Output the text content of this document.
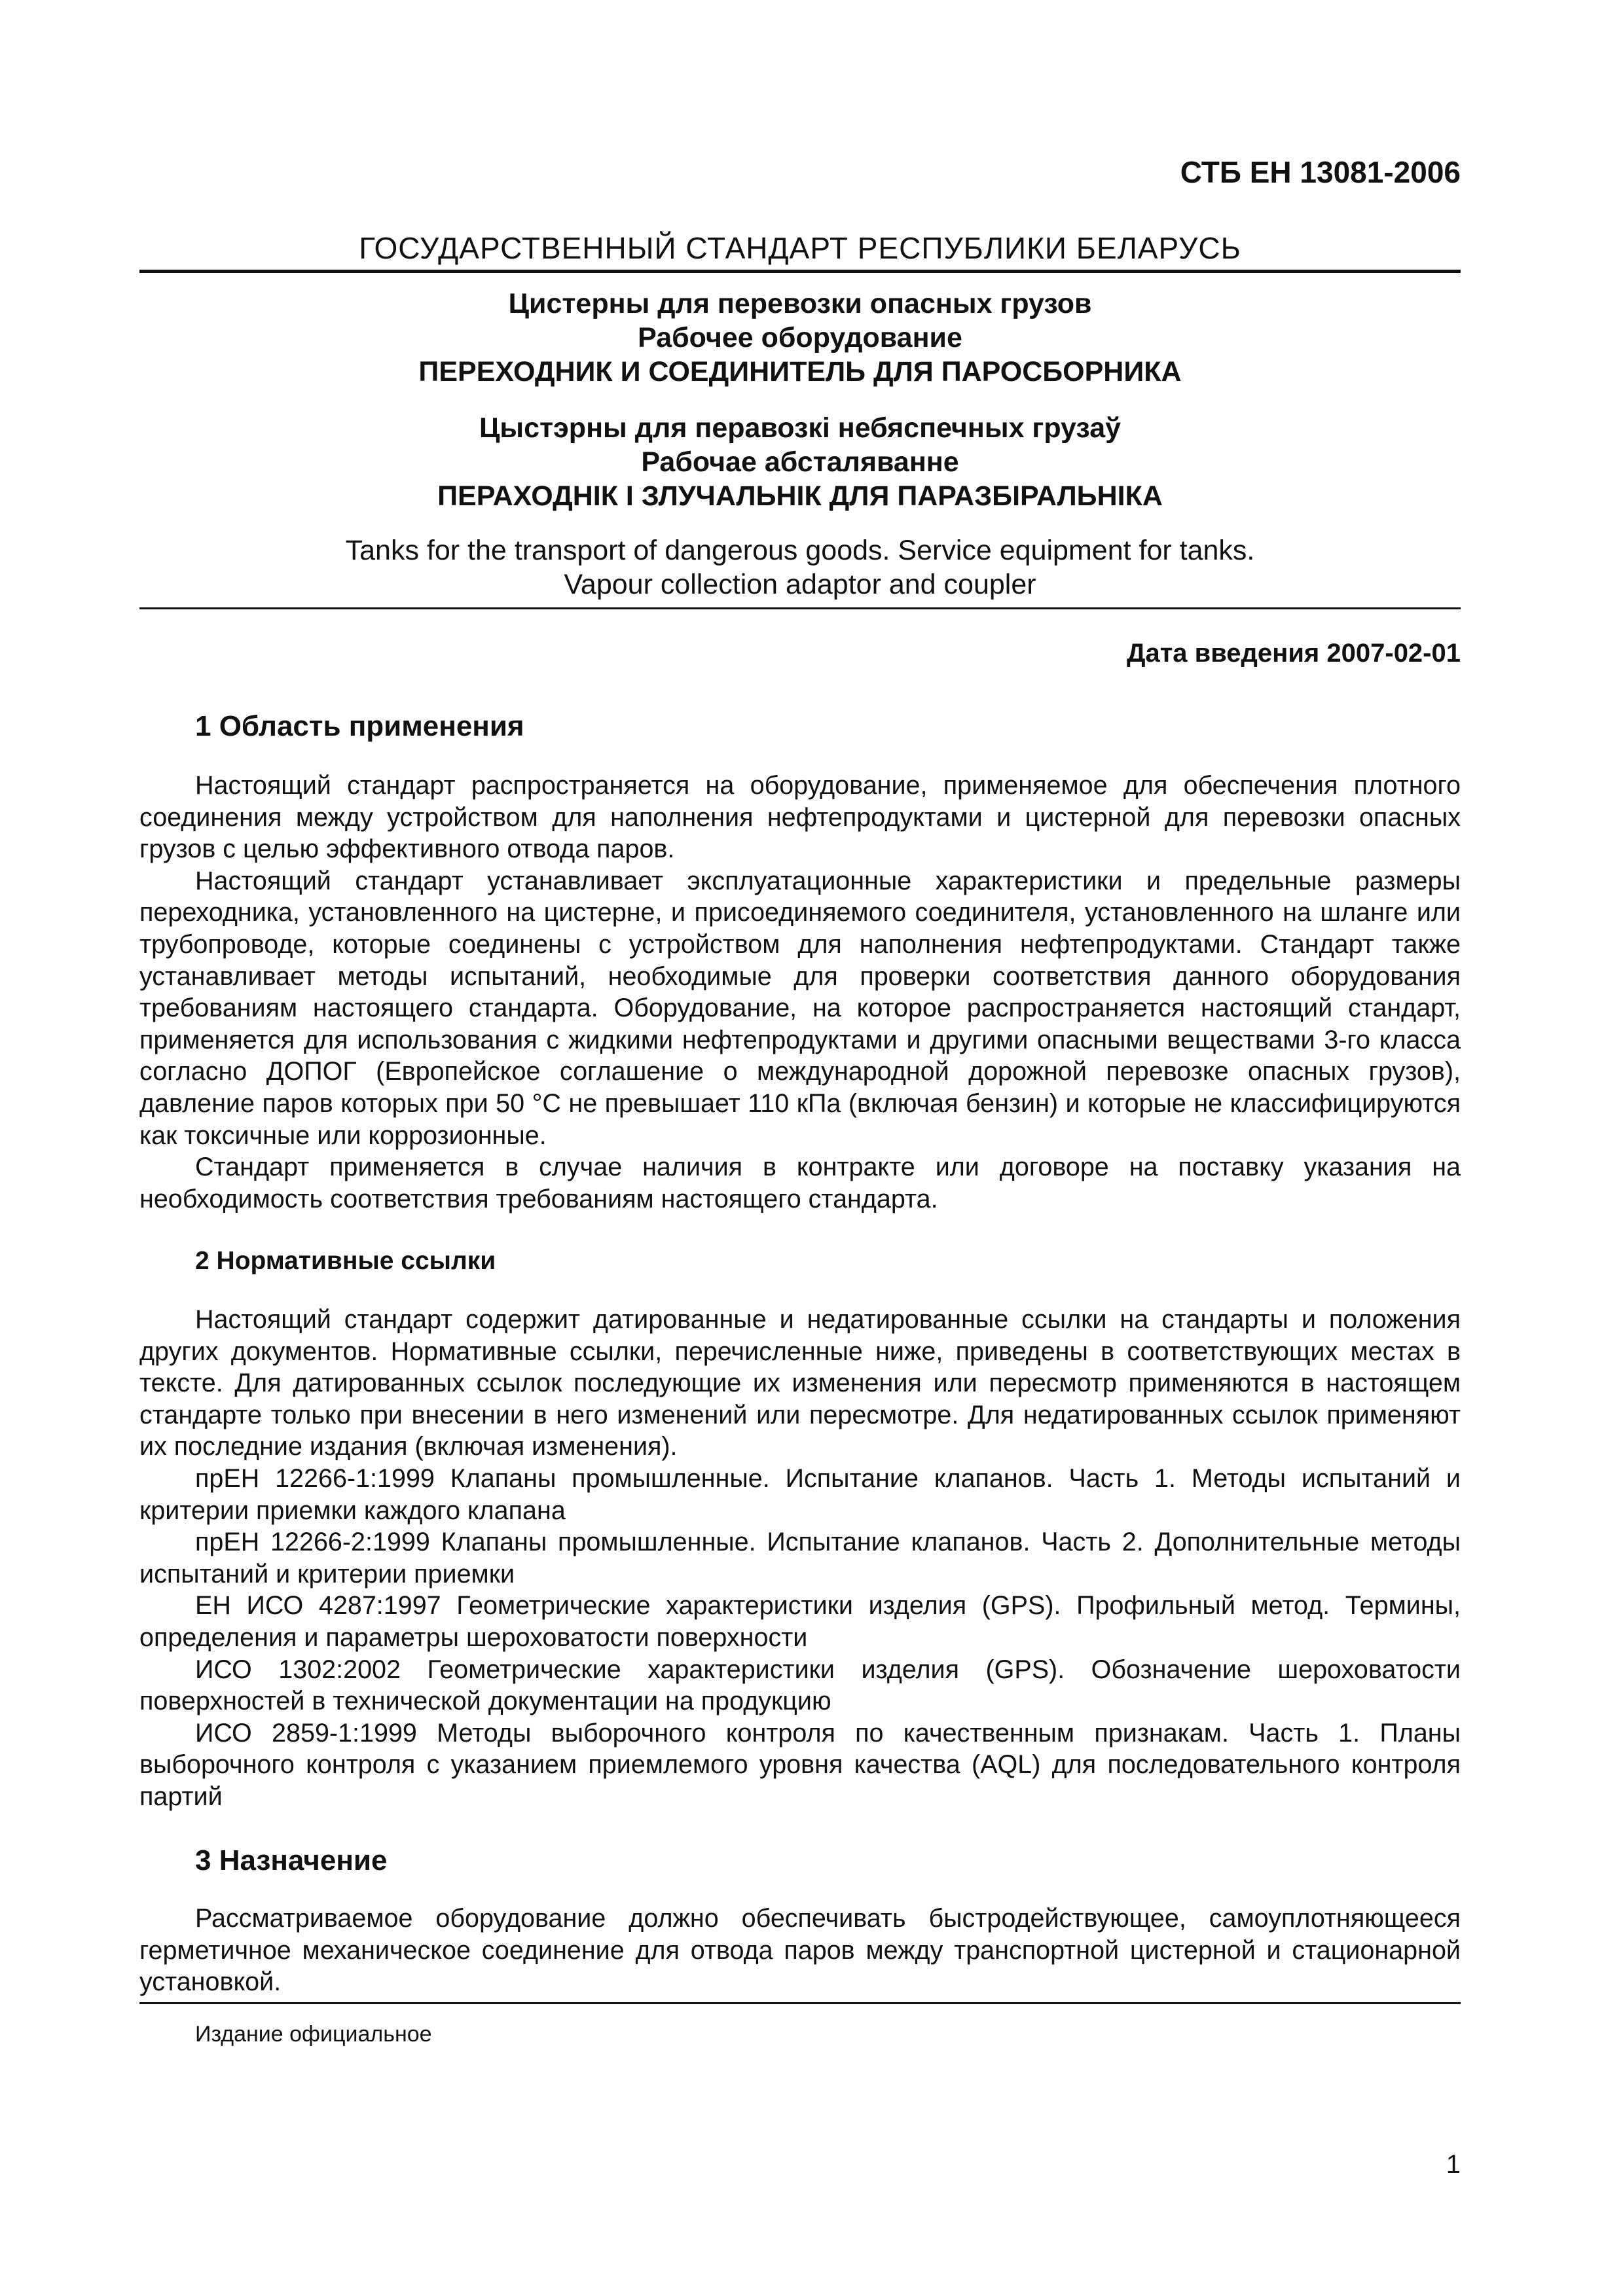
СТБ ЕН 13081-2006
ГОСУДАРСТВЕННЫЙ СТАНДАРТ РЕСПУБЛИКИ БЕЛАРУСЬ
Цистерны для перевозки опасных грузов
Рабочее оборудование
ПЕРЕХОДНИК И СОЕДИНИТЕЛЬ ДЛЯ ПАРОСБОРНИКА
Цыстэрны для перавозкi небяспечных грузаў
Рабочае абсталяванне
ПЕРАХОДНIК I ЗЛУЧАЛЬНIК ДЛЯ ПАРАЗБIРАЛЬНIКА
Tanks for the transport of dangerous goods. Service equipment for tanks.
Vapour collection adaptor and coupler
Дата введения 2007-02-01
1 Область применения

Настоящий стандарт распространяется на оборудование, применяемое для обеспечения плотного соединения между устройством для наполнения нефтепродуктами и цистерной для перевозки опасных грузов с целью эффективного отвода паров.

Настоящий стандарт устанавливает эксплуатационные характеристики и предельные размеры переходника, установленного на цистерне, и присоединяемого соединителя, установленного на шланге или трубопроводе, которые соединены с устройством для наполнения нефтепродуктами. Стандарт также устанавливает методы испытаний, необходимые для проверки соответствия данного оборудования требованиям настоящего стандарта. Оборудование, на которое распространяется настоящий стандарт, применяется для использования с жидкими нефтепродуктами и другими опасными веществами 3-го класса согласно ДОПОГ (Европейское соглашение о международной дорожной перевозке опасных грузов), давление паров которых при 50 °С не превышает 110 кПа (включая бензин) и которые не классифицируются как токсичные или коррозионные.

Стандарт применяется в случае наличия в контракте или договоре на поставку указания на необходимость соответствия требованиям настоящего стандарта.

2 Нормативные ссылки

Настоящий стандарт содержит датированные и недатированные ссылки на стандарты и положения других документов. Нормативные ссылки, перечисленные ниже, приведены в соответствующих местах в тексте. Для датированных ссылок последующие их изменения или пересмотр применяются в настоящем стандарте только при внесении в него изменений или пересмотре. Для недатированных ссылок применяют их последние издания (включая изменения).

прЕН 12266-1:1999 Клапаны промышленные. Испытание клапанов. Часть 1. Методы испытаний и критерии приемки каждого клапана

прЕН 12266-2:1999 Клапаны промышленные. Испытание клапанов. Часть 2. Дополнительные методы испытаний и критерии приемки

ЕН ИСО 4287:1997 Геометрические характеристики изделия (GPS). Профильный метод. Термины, определения и параметры шероховатости поверхности

ИСО 1302:2002 Геометрические характеристики изделия (GPS). Обозначение шероховатости поверхностей в технической документации на продукцию

ИСО 2859-1:1999 Методы выборочного контроля по качественным признакам. Часть 1. Планы выборочного контроля с указанием приемлемого уровня качества (AQL) для последовательного контроля партий

3 Назначение

Рассматриваемое оборудование должно обеспечивать быстродействующее, самоуплотняющееся герметичное механическое соединение для отвода паров между транспортной цистерной и стационарной установкой.

Издание официальное
1
